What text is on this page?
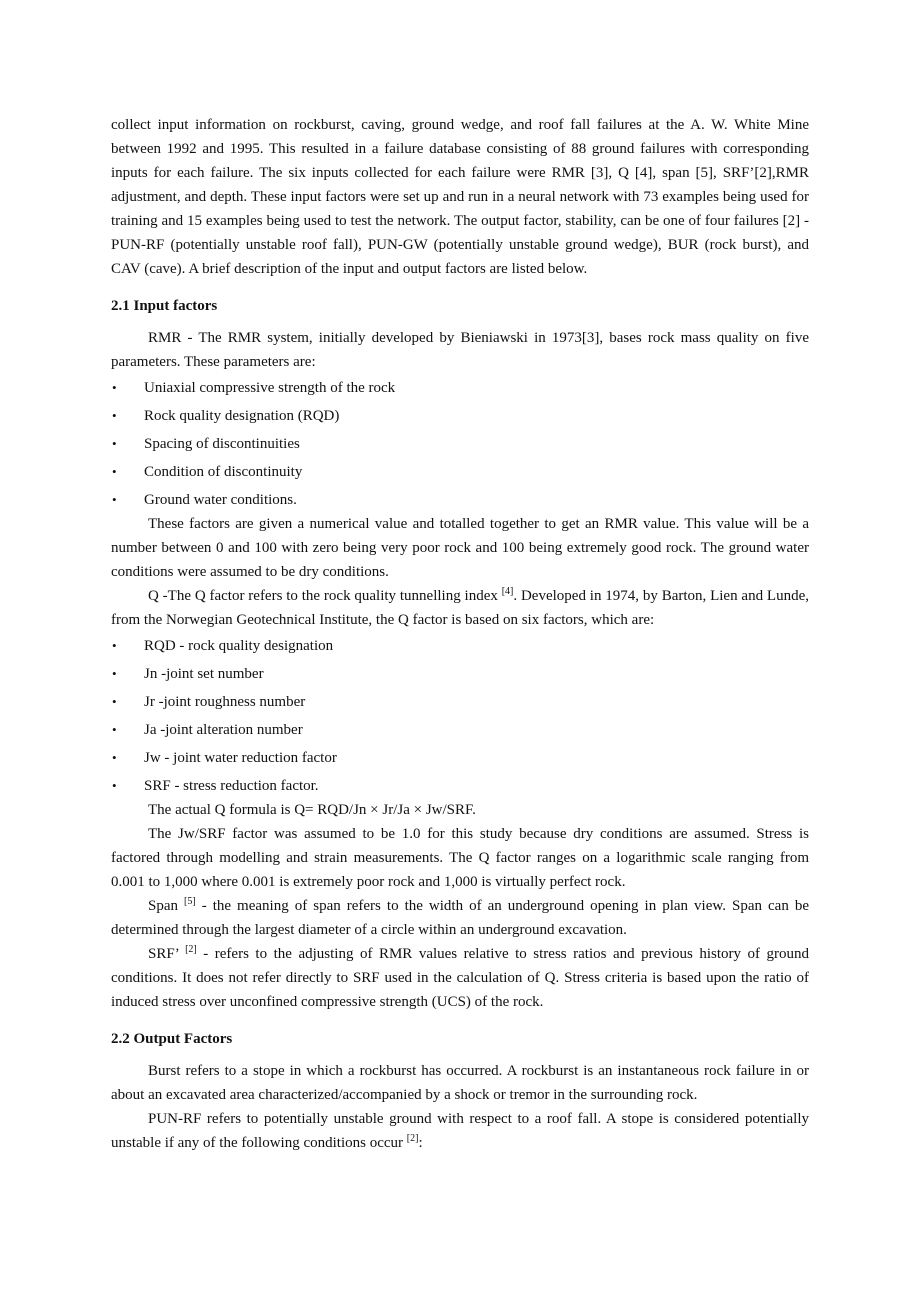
collect input information on rockburst, caving, ground wedge, and roof fall failures at the A. W. White Mine between 1992 and 1995. This resulted in a failure database consisting of 88 ground failures with corresponding inputs for each failure. The six inputs collected for each failure were RMR [3], Q [4], span [5], SRF’[2],RMR adjustment, and depth. These input factors were set up and run in a neural network with 73 examples being used for training and 15 examples being used to test the network. The output factor, stability, can be one of four failures [2] - PUN-RF (potentially unstable roof fall), PUN-GW (potentially unstable ground wedge), BUR (rock burst), and CAV (cave). A brief description of the input and output factors are listed below.

2.1 Input factors

RMR - The RMR system, initially developed by Bieniawski in 1973[3], bases rock mass quality on five parameters. These parameters are:

• Uniaxial compressive strength of the rock
• Rock quality designation (RQD)
• Spacing of discontinuities
• Condition of discontinuity
• Ground water conditions.

These factors are given a numerical value and totalled together to get an RMR value. This value will be a number between 0 and 100 with zero being very poor rock and 100 being extremely good rock. The ground water conditions were assumed to be dry conditions.

Q -The Q factor refers to the rock quality tunnelling index [4]. Developed in 1974, by Barton, Lien and Lunde, from the Norwegian Geotechnical Institute, the Q factor is based on six factors, which are:

• RQD - rock quality designation
• Jn -joint set number
• Jr -joint roughness number
• Ja -joint alteration number
• Jw - joint water reduction factor
• SRF - stress reduction factor.

The actual Q formula is Q= RQD/Jn × Jr/Ja × Jw/SRF.

The Jw/SRF factor was assumed to be 1.0 for this study because dry conditions are assumed. Stress is factored through modelling and strain measurements. The Q factor ranges on a logarithmic scale ranging from 0.001 to 1,000 where 0.001 is extremely poor rock and 1,000 is virtually perfect rock.

Span [5] - the meaning of span refers to the width of an underground opening in plan view. Span can be determined through the largest diameter of a circle within an underground excavation.

SRF’ [2] - refers to the adjusting of RMR values relative to stress ratios and previous history of ground conditions. It does not refer directly to SRF used in the calculation of Q. Stress criteria is based upon the ratio of induced stress over unconfined compressive strength (UCS) of the rock.

2.2 Output Factors

Burst refers to a stope in which a rockburst has occurred. A rockburst is an instantaneous rock failure in or about an excavated area characterized/accompanied by a shock or tremor in the surrounding rock.

PUN-RF refers to potentially unstable ground with respect to a roof fall. A stope is considered potentially unstable if any of the following conditions occur [2]:
